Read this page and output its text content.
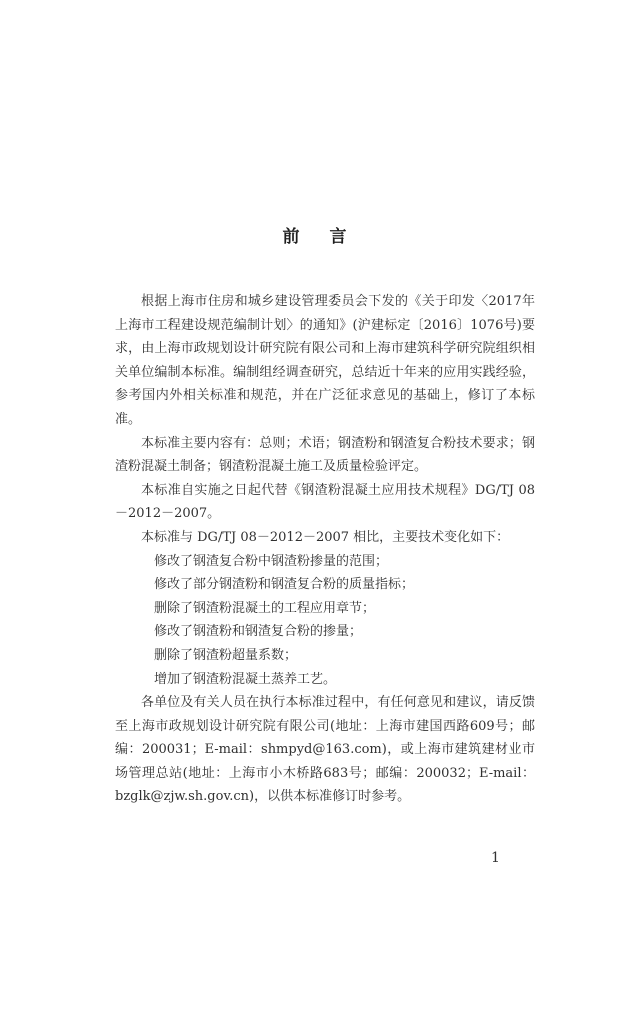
前 言

根据上海市住房和城乡建设管理委员会下发的《关于印发〈2017年上海市工程建设规范编制计划〉的通知》(沪建标定〔2016〕1076号)要求，由上海市政规划设计研究院有限公司和上海市建筑科学研究院组织相关单位编制本标准。编制组经调查研究，总结近十年来的应用实践经验，参考国内外相关标准和规范，并在广泛征求意见的基础上，修订了本标准。

本标准主要内容有：总则；术语；钢渣粉和钢渣复合粉技术要求；钢渣粉混凝土制备；钢渣粉混凝土施工及质量检验评定。

本标准自实施之日起代替《钢渣粉混凝土应用技术规程》DG/TJ 08－2012－2007。

本标准与 DG/TJ 08－2012－2007 相比，主要技术变化如下：

修改了钢渣复合粉中钢渣粉掺量的范围；
修改了部分钢渣粉和钢渣复合粉的质量指标；
删除了钢渣粉混凝土的工程应用章节；
修改了钢渣粉和钢渣复合粉的掺量；
删除了钢渣粉超量系数；
增加了钢渣粉混凝土蒸养工艺。

各单位及有关人员在执行本标准过程中，有任何意见和建议，请反馈至上海市政规划设计研究院有限公司(地址：上海市建国西路609号；邮编：200031；E-mail：shmpyd@163.com)，或上海市建筑建材业市场管理总站(地址：上海市小木桥路683号；邮编：200032；E-mail：bzglk@zjw.sh.gov.cn)，以供本标准修订时参考。

1
